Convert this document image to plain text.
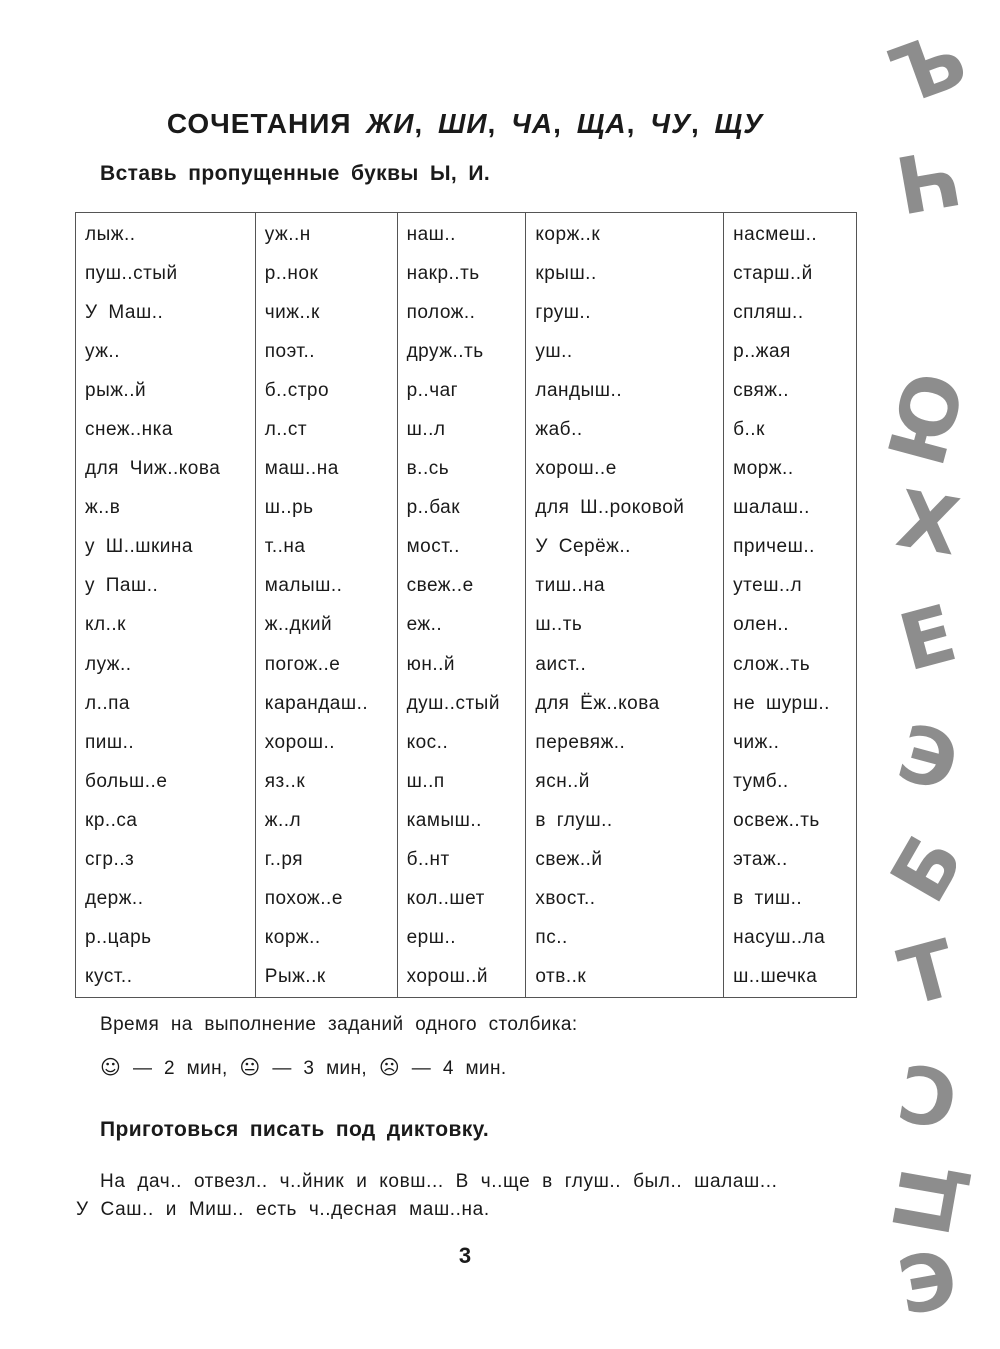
СОЧЕТАНИЯ ЖИ, ШИ, ЧА, ЩА, ЧУ, ЩУ
Вставь пропущенные буквы Ы, И.
лыж..	уж..н	наш..	корж..к	насмеш..
пуш..стый	р..нок	накр..ть	крыш..	старш..й
У Маш..	чиж..к	полож..	груш..	спляш..
уж..	поэт..	друж..ть	уш..	р..жая
рыж..й	б..стро	р..чаг	ландыш..	свяж..
снеж..нка	л..ст	ш..л	жаб..	б..к
для Чиж..кова	маш..на	в..сь	хорош..е	морж..
ж..в	ш..рь	р..бак	для Ш..роковой	шалаш..
у Ш..шкина	т..на	мост..	У Серёж..	причеш..
у Паш..	малыш..	свеж..е	тиш..на	утеш..л
кл..к	ж..дкий	еж..	ш..ть	олен..
луж..	погож..е	юн..й	аист..	слож..ть
л..па	карандаш..	душ..стый	для Ёж..кова	не шурш..
пиш..	хорош..	кос..	перевяж..	чиж..
больш..е	яз..к	ш..п	ясн..й	тумб..
кр..са	ж..л	камыш..	в глуш..	освеж..ть
сгр..з	г..ря	б..нт	свеж..й	этаж..
держ..	похож..е	кол..шет	хвост..	в тиш..
р..царь	корж..	ерш..	пс..	насуш..ла
куст..	Рыж..к	хорош..й	отв..к	ш..шечка
Время на выполнение заданий одного столбика:
☺ — 2 мин, 😐 — 3 мин, ☹ — 4 мин.
Приготовься писать под диктовку.
На дач.. отвезл.. ч..йник и ковш... В ч..ще в глуш.. был.. шалаш...
У Саш.. и Миш.. есть ч..десная маш..на.
3
Ъ
Ч
Ю
Х
Е
Э
Б
Т
С
Ц
Э
